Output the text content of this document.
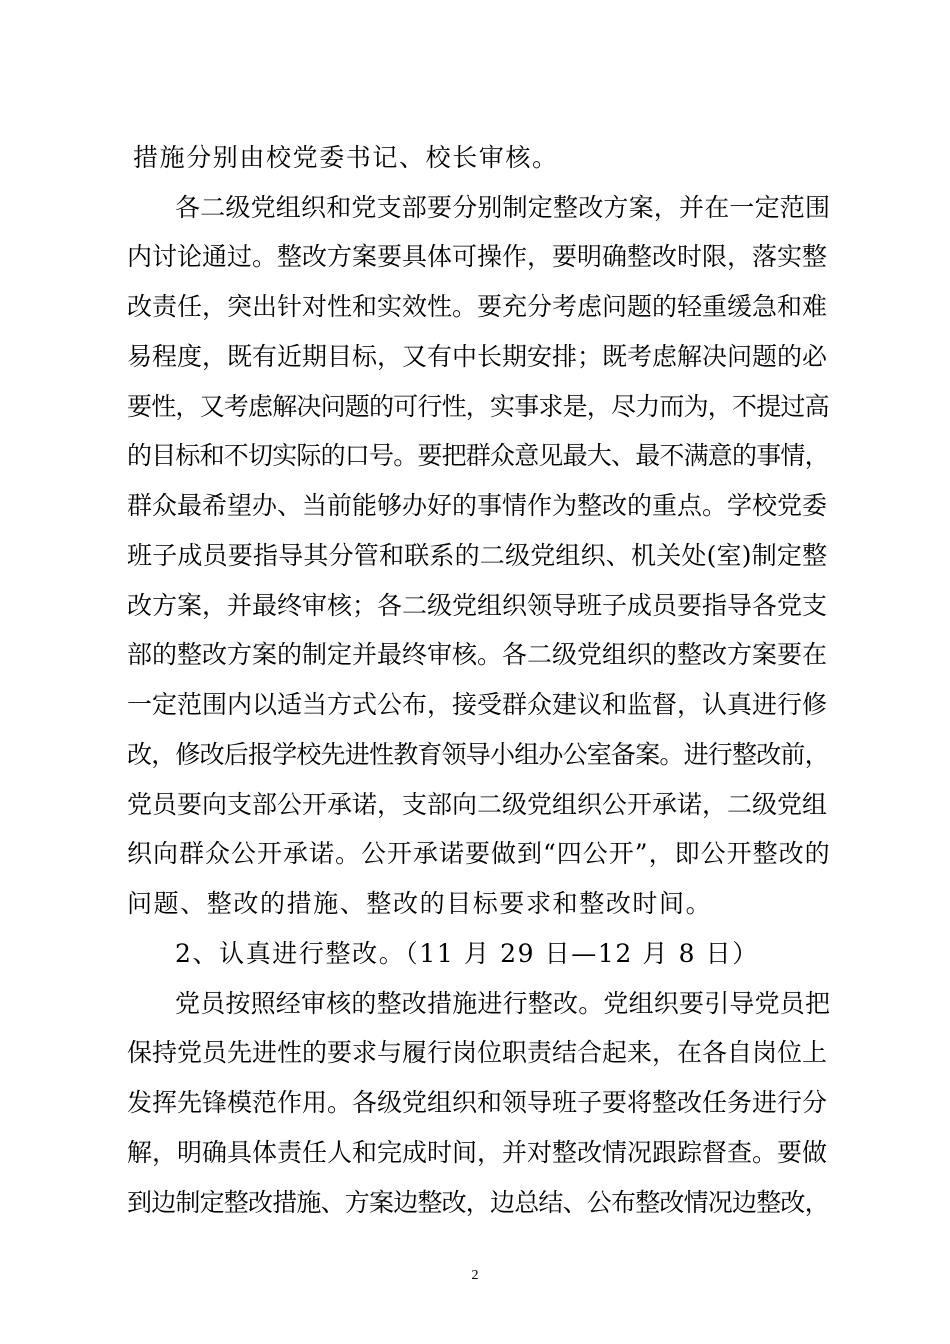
措施分别由校党委书记、校长审核。
各二级党组织和党支部要分别制定整改方案，并在一定范围
内讨论通过。整改方案要具体可操作，要明确整改时限，落实整
改责任，突出针对性和实效性。要充分考虑问题的轻重缓急和难
易程度，既有近期目标，又有中长期安排；既考虑解决问题的必
要性，又考虑解决问题的可行性，实事求是，尽力而为，不提过高
的目标和不切实际的口号。要把群众意见最大、最不满意的事情，
群众最希望办、当前能够办好的事情作为整改的重点。学校党委
班子成员要指导其分管和联系的二级党组织、机关处(室)制定整
改方案，并最终审核；各二级党组织领导班子成员要指导各党支
部的整改方案的制定并最终审核。各二级党组织的整改方案要在
一定范围内以适当方式公布，接受群众建议和监督，认真进行修
改，修改后报学校先进性教育领导小组办公室备案。进行整改前，
党员要向支部公开承诺，支部向二级党组织公开承诺，二级党组
织向群众公开承诺。公开承诺要做到“四公开”，即公开整改的
问题、整改的措施、整改的目标要求和整改时间。
2、认真进行整改。（11 月 29 日—12 月 8 日）
党员按照经审核的整改措施进行整改。党组织要引导党员把
保持党员先进性的要求与履行岗位职责结合起来，在各自岗位上
发挥先锋模范作用。各级党组织和领导班子要将整改任务进行分
解，明确具体责任人和完成时间，并对整改情况跟踪督查。要做
到边制定整改措施、方案边整改，边总结、公布整改情况边整改，
2
